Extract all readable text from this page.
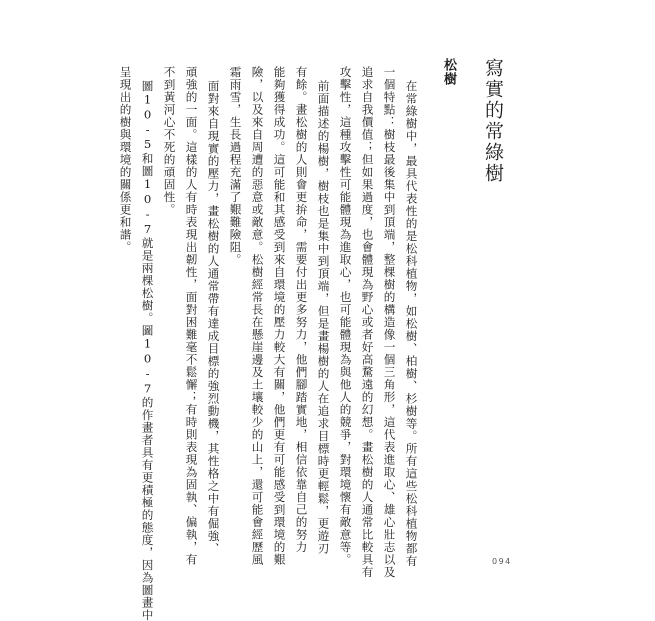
寫實的常綠樹
松樹
在常綠樹中，最具代表性的是松科植物，如松樹、柏樹、杉樹等。所有這些松科植物都有
一個特點：樹枝最後集中到頂端，整棵樹的構造像一個三角形，這代表進取心、雄心壯志以及
追求自我價值；但如果過度，也會體現為野心或者好高騖遠的幻想。畫松樹的人通常比較具有
攻擊性，這種攻擊性可能體現為進取心，也可能體現為與他人的競爭，對環境懷有敵意等。
前面描述的楊樹，樹枝也是集中到頂端，但是畫楊樹的人在追求目標時更輕鬆，更遊刃
有餘。畫松樹的人則會更拚命，需要付出更多努力，他們腳踏實地，相信依靠自己的努力
能夠獲得成功。這可能和其感受到來自環境的壓力較大有關，他們更有可能感受到環境的艱
險，以及來自周遭的惡意或敵意。松樹經常長在懸崖邊及土壤較少的山上，還可能會經歷風
霜雨雪，生長過程充滿了艱難險阻。
面對來自現實的壓力，畫松樹的人通常帶有達成目標的強烈動機，其性格之中有倔強、
頑強的一面。這樣的人有時表現出韌性，面對困難毫不鬆懈；有時則表現為固執、偏執，有
不到黃河心不死的頑固性。
圖10-5和圖10-7就是兩棵松樹。圖10-7的作畫者具有更積極的態度，因為圖畫中
呈現出的樹與環境的關係更和諧。
094
